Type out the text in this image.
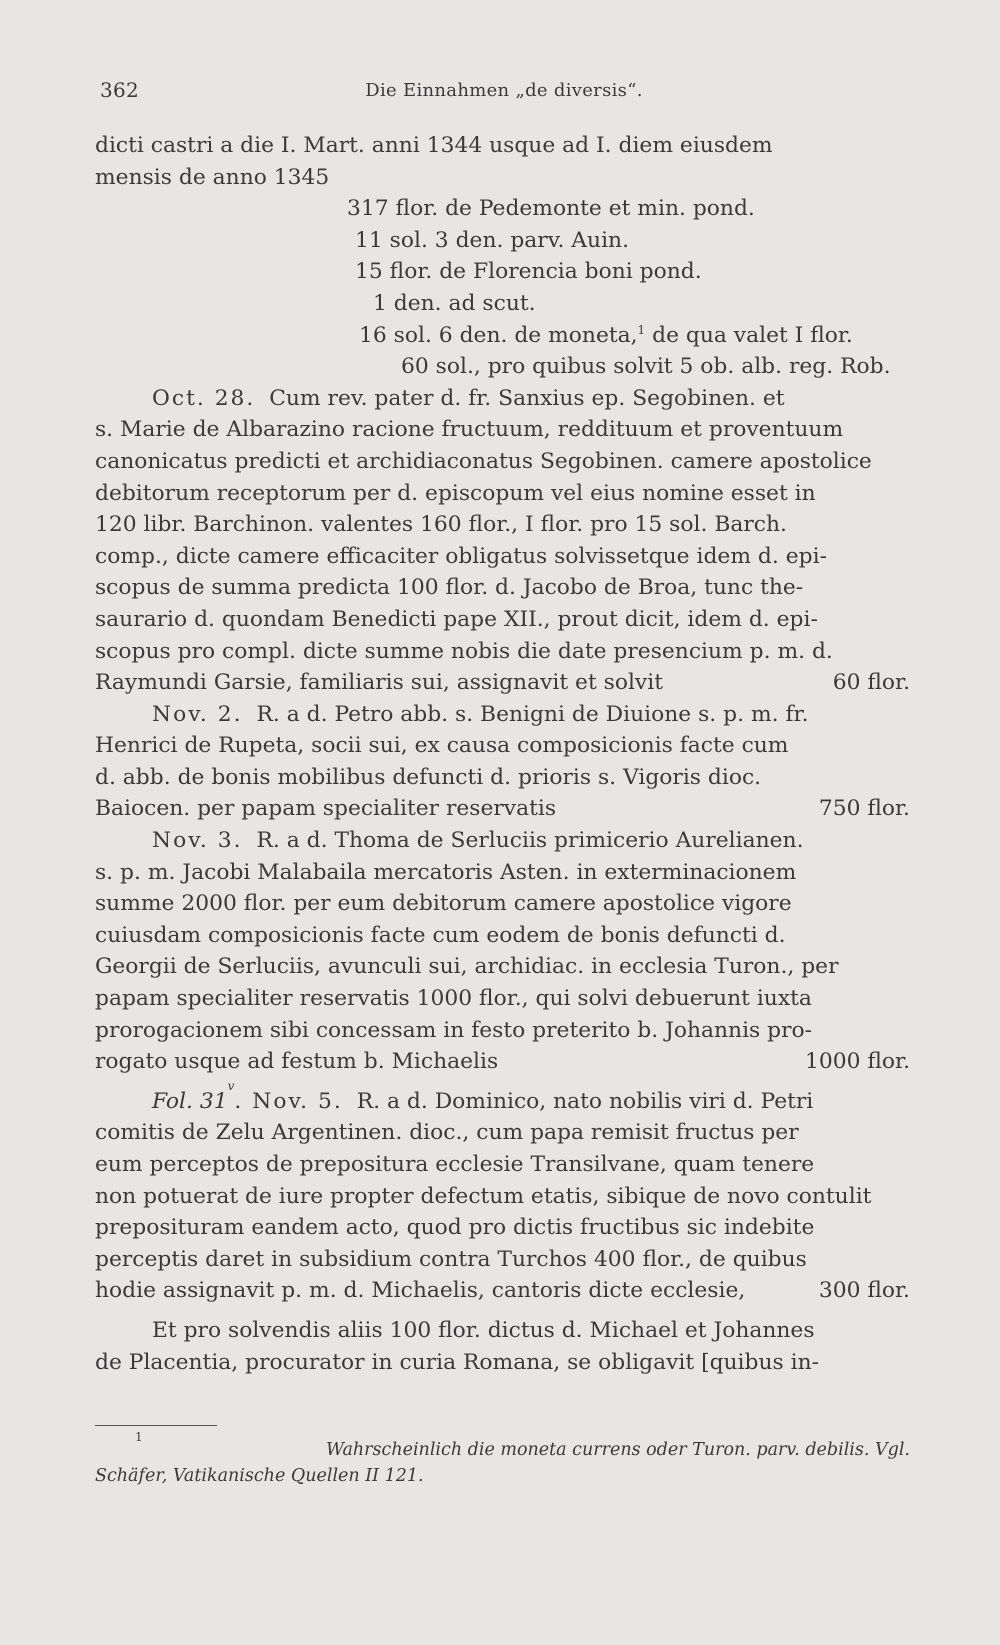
362	Die Einnahmen „de diversis“.
dicti castri a die I. Mart. anni 1344 usque ad I. diem eiusdem
mensis de anno 1345
317 flor. de Pedemonte et min. pond.
11 sol. 3 den. parv. Auin.
15 flor. de Florencia boni pond.
1 den. ad scut.
16 sol. 6 den. de moneta,$^1$ de qua valet I flor.
60 sol., pro quibus solvit 5 ob. alb. reg. Rob.
Oct. 28.
Cum rev. pater d. fr. Sanxius ep. Segobinen. et
s. Marie de Albarazino racione fructuum, reddituum et proventuum
canonicatus predicti et archidiaconatus Segobinen. camere apostolice
debitorum receptorum per d. episcopum vel eius nomine esset in
120 libr. Barchinon. valentes 160 flor., I flor. pro 15 sol. Barch.
comp., dicte camere efficaciter obligatus solvissetque idem d. epi-
scopus de summa predicta 100 flor. d. Jacobo de Broa, tunc the-
saurario d. quondam Benedicti pape XII., prout dicit, idem d. epi-
scopus pro compl. dicte summe nobis die date presencium p. m. d.
Raymundi Garsie, familiaris sui, assignavit et solvit	60 flor.
Nov. 2.
R. a d. Petro abb. s. Benigni de Diuione s. p. m. fr.
Henrici de Rupeta, socii sui, ex causa composicionis facte cum
d. abb. de bonis mobilibus defuncti d. prioris s. Vigoris dioc.
Baiocen. per papam specialiter reservatis	750 flor.
Nov. 3.
R. a d. Thoma de Serluciis primicerio Aurelianen.
s. p. m. Jacobi Malabaila mercatoris Asten. in exterminacionem
summe 2000 flor. per eum debitorum camere apostolice vigore
cuiusdam composicionis facte cum eodem de bonis defuncti d.
Georgii de Serluciis, avunculi sui, archidiac. in ecclesia Turon., per
papam specialiter reservatis 1000 flor., qui solvi debuerunt iuxta
prorogacionem sibi concessam in festo preterito b. Johannis pro-
rogato usque ad festum b. Michaelis	1000 flor.
Fol. 31
v
. Nov. 5.
R. a d. Dominico, nato nobilis viri d. Petri
comitis de Zelu Argentinen. dioc., cum papa remisit fructus per
eum perceptos de prepositura ecclesie Transilvane, quam tenere
non potuerat de iure propter defectum etatis, sibique de novo contulit
preposituram eandem acto, quod pro dictis fructibus sic indebite
perceptis daret in subsidium contra Turchos 400 flor., de quibus
hodie assignavit p. m. d. Michaelis, cantoris dicte ecclesie,	300 flor.
Et pro solvendis aliis 100 flor. dictus d. Michael et Johannes
de Placentia, procurator in curia Romana, se obligavit [quibus in-
1
Wahrscheinlich die moneta currens oder Turon. parv. debilis. Vgl.
Schäfer, Vatikanische Quellen II 121.
